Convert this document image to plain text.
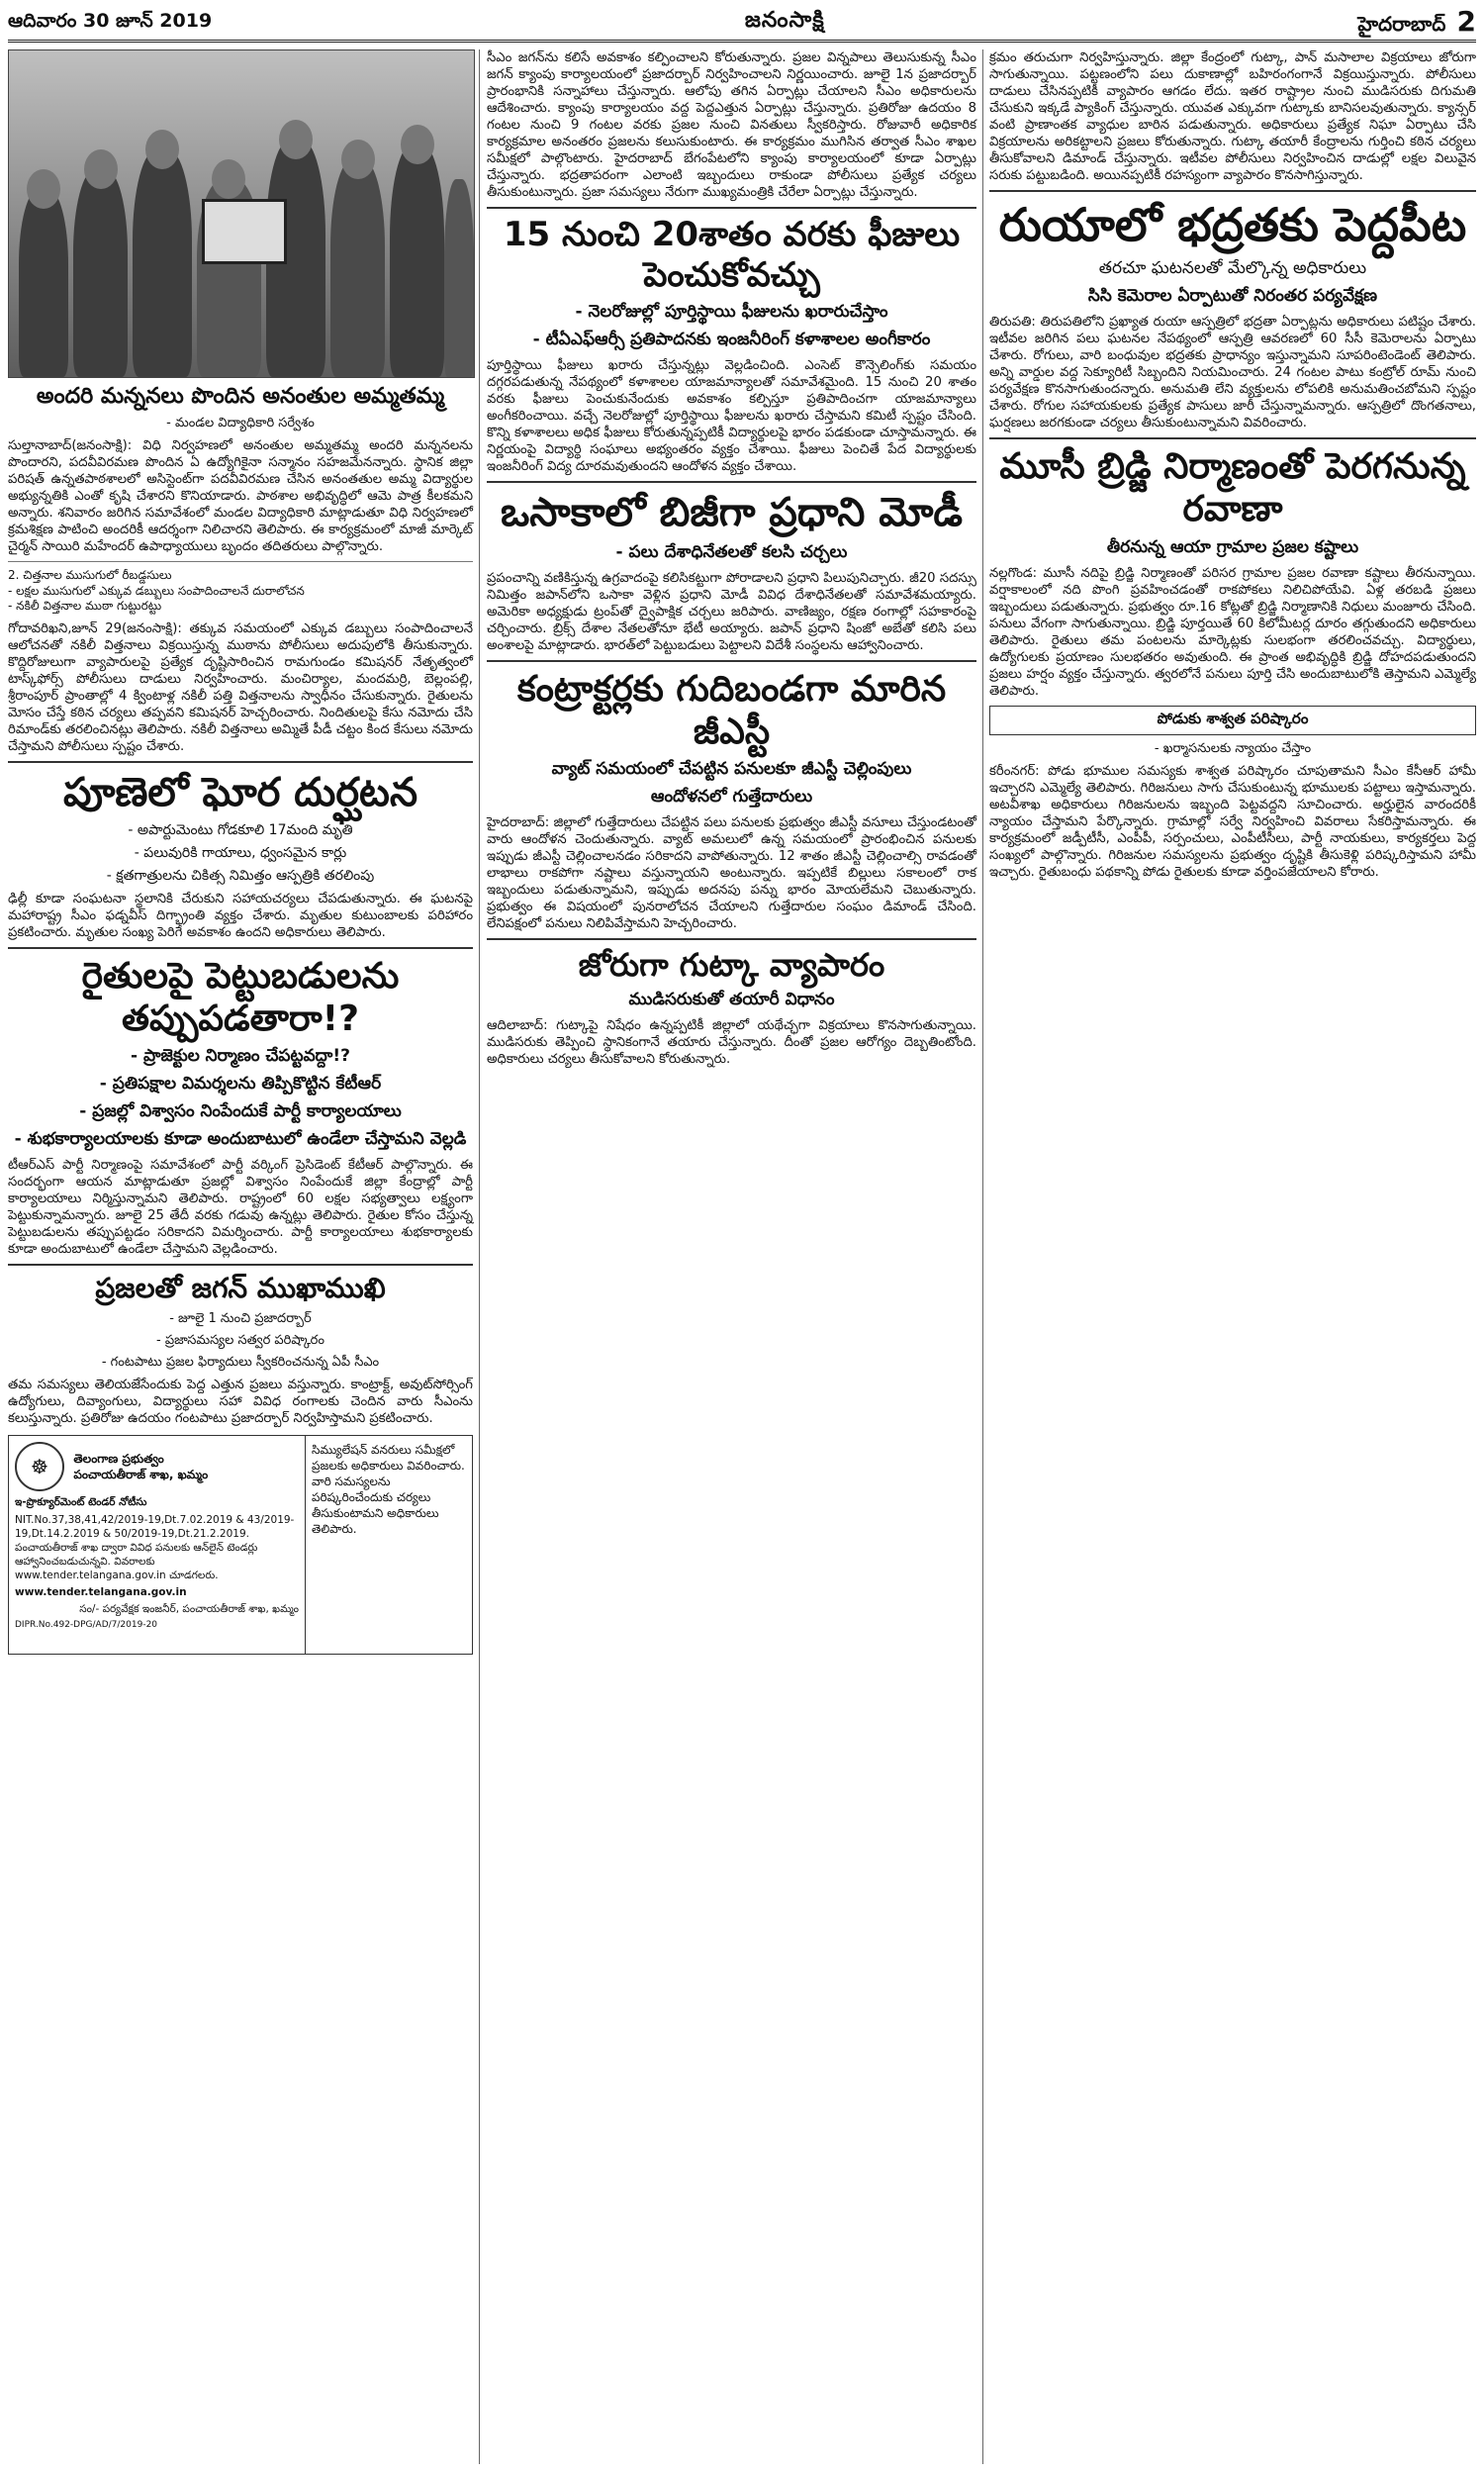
ఆదివారం 30 జూన్ 2019	జనంసాక్షి	హైదరాబాద్ 2
అందరి మన్ననలు పొందిన అనంతుల అమ్మతమ్మ
- మండల విద్యాధికారి సర్వేశం

సుల్తానాబాద్(జనంసాక్షి): విధి నిర్వహణలో అనంతుల అమ్మతమ్మ అందరి మన్ననలను పొందారని, పదవీవిరమణ పొందిన ఏ ఉద్యోగికైనా సన్మానం సహజమేనన్నారు. స్థానిక జిల్లా పరిషత్ ఉన్నతపాఠశాలలో అసిస్టెంట్‌గా పదవీవిరమణ చేసిన అనంతతుల అమ్మ విద్యార్థుల అభ్యున్నతికి ఎంతో కృషి చేశారని కొనియాడారు. పాఠశాల అభివృద్ధిలో ఆమె పాత్ర కీలకమని అన్నారు. శనివారం జరిగిన సమావేశంలో మండల విద్యాధికారి మాట్లాడుతూ విధి నిర్వహణలో క్రమశిక్షణ పాటించి అందరికీ ఆదర్శంగా నిలిచారని తెలిపారు. ఈ కార్యక్రమంలో మాజీ మార్కెట్ చైర్మన్ సాయిరి మహేందర్ ఉపాధ్యాయులు బృందం తదితరులు పాల్గొన్నారు.

2. చిత్తనాల ముసుగులో రీబడ్డసులు
- లక్షల ముసుగులో ఎక్కువ డబ్బులు సంపాదించాలనే దురాలోచన
- నకిలీ విత్తనాల ముఠా గుట్టురట్టు

గోదావరిఖని,జూన్ 29(జనంసాక్షి): తక్కువ సమయంలో ఎక్కువ డబ్బులు సంపాదించాలనే ఆలోచనతో నకిలీ విత్తనాలు విక్రయిస్తున్న ముఠాను పోలీసులు అదుపులోకి తీసుకున్నారు. కొద్దిరోజులుగా వ్యాపారులపై ప్రత్యేక దృష్టిసారించిన రామగుండం కమిషనర్ నేతృత్వంలో టాస్క్‌ఫోర్స్ పోలీసులు దాడులు నిర్వహించారు. మంచిర్యాల, మందమర్రి, బెల్లంపల్లి, శ్రీరాంపూర్ ప్రాంతాల్లో 4 క్వింటాళ్ల నకిలీ పత్తి విత్తనాలను స్వాధీనం చేసుకున్నారు. రైతులను మోసం చేస్తే కఠిన చర్యలు తప్పవని కమిషనర్ హెచ్చరించారు. నిందితులపై కేసు నమోదు చేసి రిమాండ్‌కు తరలించినట్లు తెలిపారు. నకిలీ విత్తనాలు అమ్మితే పీడీ చట్టం కింద కేసులు నమోదు చేస్తామని పోలీసులు స్పష్టం చేశారు.

పూణెలో ఘోర దుర్ఘటన
- అపార్టుమెంటు గోడకూలి 17మంది మృతి
- పలువురికి గాయాలు, ధ్వంసమైన కార్లు
- క్షతగాత్రులను చికిత్స నిమిత్తం ఆస్పత్రికి తరలింపు

ఢిల్లీ కూడా సంఘటనా స్థలానికి చేరుకుని సహాయచర్యలు చేపడుతున్నారు. ఈ ఘటనపై మహారాష్ట్ర సీఎం ఫడ్నవీస్ దిగ్భ్రాంతి వ్యక్తం చేశారు. మృతుల కుటుంబాలకు పరిహారం ప్రకటించారు. మృతుల సంఖ్య పెరిగే అవకాశం ఉందని అధికారులు తెలిపారు.

రైతులపై పెట్టుబడులను తప్పుపడతారా!?
- ప్రాజెక్టుల నిర్మాణం చేపట్టవద్దా!?
- ప్రతిపక్షాల విమర్శలను తిప్పికొట్టిన కేటీఆర్
- ప్రజల్లో విశ్వాసం నింపేందుకే పార్టీ కార్యాలయాలు
- శుభకార్యాలయాలకు కూడా అందుబాటులో ఉండేలా చేస్తామని వెల్లడి

టీఆర్ఎస్ పార్టీ నిర్మాణంపై సమావేశంలో పార్టీ వర్కింగ్ ప్రెసిడెంట్ కేటీఆర్ పాల్గొన్నారు. ఈ సందర్భంగా ఆయన మాట్లాడుతూ ప్రజల్లో విశ్వాసం నింపేందుకే జిల్లా కేంద్రాల్లో పార్టీ కార్యాలయాలు నిర్మిస్తున్నామని తెలిపారు. రాష్ట్రంలో 60 లక్షల సభ్యత్వాలు లక్ష్యంగా పెట్టుకున్నామన్నారు. జూలై 25 తేదీ వరకు గడువు ఉన్నట్లు తెలిపారు. రైతుల కోసం చేస్తున్న పెట్టుబడులను తప్పుపట్టడం సరికాదని విమర్శించారు. పార్టీ కార్యాలయాలు శుభకార్యాలకు కూడా అందుబాటులో ఉండేలా చేస్తామని వెల్లడించారు.

ప్రజలతో జగన్ ముఖాముఖి
- జూలై 1 నుంచి ప్రజాదర్బార్
- ప్రజాసమస్యల సత్వర పరిష్కారం
- గంటపాటు ప్రజల ఫిర్యాదులు స్వీకరించనున్న ఏపీ సీఎం

తమ సమస్యలు తెలియజేసేందుకు పెద్ద ఎత్తున ప్రజలు వస్తున్నారు. కాంట్రాక్ట్, అవుట్‌సోర్సింగ్ ఉద్యోగులు, దివ్యాంగులు, విద్యార్థులు సహా వివిధ రంగాలకు చెందిన వారు సీఎంను కలుస్తున్నారు. ప్రతిరోజు ఉదయం గంటపాటు ప్రజాదర్బార్ నిర్వహిస్తామని ప్రకటించారు.

☸ తెలంగాణ ప్రభుత్వం
పంచాయతీరాజ్ శాఖ, ఖమ్మం
ఇ-ప్రొక్యూర్‌మెంట్ టెండర్ నోటీసు
NIT.No.37,38,41,42/2019-19,Dt.7.02.2019 & 43/2019-19,Dt.14.2.2019 & 50/2019-19,Dt.21.2.2019. పంచాయతీరాజ్ శాఖ ద్వారా వివిధ పనులకు ఆన్‌లైన్ టెండర్లు ఆహ్వానించబడుచున్నవి. వివరాలకు www.tender.telangana.gov.in చూడగలరు.
www.tender.telangana.gov.in
సం/- పర్యవేక్షక ఇంజనీర్, పంచాయతీరాజ్ శాఖ, ఖమ్మం
DIPR.No.492-DPG/AD/7/2019-20
సిమ్యులేషన్ వనరులు సమీక్షలో ప్రజలకు అధికారులు వివరించారు. వారి సమస్యలను పరిష్కరించేందుకు చర్యలు తీసుకుంటామని అధికారులు తెలిపారు.

సీఎం జగన్‌ను కలిసే అవకాశం కల్పించాలని కోరుతున్నారు. ప్రజల విన్నపాలు తెలుసుకున్న సీఎం జగన్ క్యాంపు కార్యాలయంలో ప్రజాదర్బార్ నిర్వహించాలని నిర్ణయించారు. జూలై 1న ప్రజాదర్బార్ ప్రారంభానికి సన్నాహాలు చేస్తున్నారు. ఆలోపు తగిన ఏర్పాట్లు చేయాలని సీఎం అధికారులను ఆదేశించారు. క్యాంపు కార్యాలయం వద్ద పెద్దఎత్తున ఏర్పాట్లు చేస్తున్నారు. ప్రతిరోజు ఉదయం 8 గంటల నుంచి 9 గంటల వరకు ప్రజల నుంచి వినతులు స్వీకరిస్తారు. రోజువారీ అధికారిక కార్యక్రమాల అనంతరం ప్రజలను కలుసుకుంటారు. ఈ కార్యక్రమం ముగిసిన తర్వాత సీఎం శాఖల సమీక్షలో పాల్గొంటారు. హైదరాబాద్ బేగంపేటలోని క్యాంపు కార్యాలయంలో కూడా ఏర్పాట్లు చేస్తున్నారు. భద్రతాపరంగా ఎలాంటి ఇబ్బందులు రాకుండా పోలీసులు ప్రత్యేక చర్యలు తీసుకుంటున్నారు. ప్రజా సమస్యలు నేరుగా ముఖ్యమంత్రికి చేరేలా ఏర్పాట్లు చేస్తున్నారు.

15 నుంచి 20శాతం వరకు ఫీజులు పెంచుకోవచ్చు
- నెలరోజుల్లో పూర్తిస్థాయి ఫీజులను ఖరారుచేస్తాం
- టీఏఎఫ్ఆర్సీ ప్రతిపాదనకు ఇంజనీరింగ్ కళాశాలల అంగీకారం

పూర్తిస్థాయి ఫీజులు ఖరారు చేస్తున్నట్లు వెల్లడించింది. ఎంసెట్ కౌన్సెలింగ్‌కు సమయం దగ్గరపడుతున్న నేపథ్యంలో కళాశాలల యాజమాన్యాలతో సమావేశమైంది. 15 నుంచి 20 శాతం వరకు ఫీజులు పెంచుకునేందుకు అవకాశం కల్పిస్తూ ప్రతిపాదించగా యాజమాన్యాలు అంగీకరించాయి. వచ్చే నెలరోజుల్లో పూర్తిస్థాయి ఫీజులను ఖరారు చేస్తామని కమిటీ స్పష్టం చేసింది. కొన్ని కళాశాలలు అధిక ఫీజులు కోరుతున్నప్పటికీ విద్యార్థులపై భారం పడకుండా చూస్తామన్నారు. ఈ నిర్ణయంపై విద్యార్థి సంఘాలు అభ్యంతరం వ్యక్తం చేశాయి. ఫీజులు పెంచితే పేద విద్యార్థులకు ఇంజనీరింగ్ విద్య దూరమవుతుందని ఆందోళన వ్యక్తం చేశాయి.

ఒసాకాలో బిజీగా ప్రధాని మోడీ
- పలు దేశాధినేతలతో కలసి చర్చలు

ప్రపంచాన్ని వణికిస్తున్న ఉగ్రవాదంపై కలిసికట్టుగా పోరాడాలని ప్రధాని పిలుపునిచ్చారు. జీ20 సదస్సు నిమిత్తం జపాన్‌లోని ఒసాకా వెళ్లిన ప్రధాని మోడీ వివిధ దేశాధినేతలతో సమావేశమయ్యారు. అమెరికా అధ్యక్షుడు ట్రంప్‌తో ద్వైపాక్షిక చర్చలు జరిపారు. వాణిజ్యం, రక్షణ రంగాల్లో సహకారంపై చర్చించారు. బ్రిక్స్ దేశాల నేతలతోనూ భేటీ అయ్యారు. జపాన్ ప్రధాని షింజో అబేతో కలిసి పలు అంశాలపై మాట్లాడారు. భారత్‌లో పెట్టుబడులు పెట్టాలని విదేశీ సంస్థలను ఆహ్వానించారు.

కంట్రాక్టర్లకు గుదిబండగా మారిన జీఎస్టీ
వ్యాట్ సమయంలో చేపట్టిన పనులకూ జీఎస్టీ చెల్లింపులు
ఆందోళనలో గుత్తేదారులు

హైదరాబాద్: జిల్లాలో గుత్తేదారులు చేపట్టిన పలు పనులకు ప్రభుత్వం జీఎస్టీ వసూలు చేస్తుండటంతో వారు ఆందోళన చెందుతున్నారు. వ్యాట్ అమలులో ఉన్న సమయంలో ప్రారంభించిన పనులకు ఇప్పుడు జీఎస్టీ చెల్లించాలనడం సరికాదని వాపోతున్నారు. 12 శాతం జీఎస్టీ చెల్లించాల్సి రావడంతో లాభాలు రాకపోగా నష్టాలు వస్తున్నాయని అంటున్నారు. ఇప్పటికే బిల్లులు సకాలంలో రాక ఇబ్బందులు పడుతున్నామని, ఇప్పుడు అదనపు పన్ను భారం మోయలేమని చెబుతున్నారు. ప్రభుత్వం ఈ విషయంలో పునరాలోచన చేయాలని గుత్తేదారుల సంఘం డిమాండ్ చేసింది. లేనిపక్షంలో పనులు నిలిపివేస్తామని హెచ్చరించారు.

జోరుగా గుట్కా వ్యాపారం
ముడిసరుకుతో తయారీ విధానం

ఆదిలాబాద్: గుట్కాపై నిషేధం ఉన్నప్పటికీ జిల్లాలో యథేచ్ఛగా విక్రయాలు కొనసాగుతున్నాయి. ముడిసరుకు తెప్పించి స్థానికంగానే తయారు చేస్తున్నారు. దీంతో ప్రజల ఆరోగ్యం దెబ్బతింటోంది. అధికారులు చర్యలు తీసుకోవాలని కోరుతున్నారు.

క్రమం తరుచుగా నిర్వహిస్తున్నారు. జిల్లా కేంద్రంలో గుట్కా, పాన్ మసాలాల విక్రయాలు జోరుగా సాగుతున్నాయి. పట్టణంలోని పలు దుకాణాల్లో బహిరంగంగానే విక్రయిస్తున్నారు. పోలీసులు దాడులు చేసినప్పటికీ వ్యాపారం ఆగడం లేదు. ఇతర రాష్ట్రాల నుంచి ముడిసరుకు దిగుమతి చేసుకుని ఇక్కడే ప్యాకింగ్ చేస్తున్నారు. యువత ఎక్కువగా గుట్కాకు బానిసలవుతున్నారు. క్యాన్సర్ వంటి ప్రాణాంతక వ్యాధుల బారిన పడుతున్నారు. అధికారులు ప్రత్యేక నిఘా ఏర్పాటు చేసి విక్రయాలను అరికట్టాలని ప్రజలు కోరుతున్నారు. గుట్కా తయారీ కేంద్రాలను గుర్తించి కఠిన చర్యలు తీసుకోవాలని డిమాండ్ చేస్తున్నారు. ఇటీవల పోలీసులు నిర్వహించిన దాడుల్లో లక్షల విలువైన సరుకు పట్టుబడింది. అయినప్పటికీ రహస్యంగా వ్యాపారం కొనసాగిస్తున్నారు.

రుయాలో భద్రతకు పెద్దపీట
తరచూ ఘటనలతో మేల్కొన్న అధికారులు
సిసి కెమెరాల ఏర్పాటుతో నిరంతర పర్యవేక్షణ

తిరుపతి: తిరుపతిలోని ప్రఖ్యాత రుయా ఆస్పత్రిలో భద్రతా ఏర్పాట్లను అధికారులు పటిష్టం చేశారు. ఇటీవల జరిగిన పలు ఘటనల నేపథ్యంలో ఆస్పత్రి ఆవరణలో 60 సీసీ కెమెరాలను ఏర్పాటు చేశారు. రోగులు, వారి బంధువుల భద్రతకు ప్రాధాన్యం ఇస్తున్నామని సూపరింటెండెంట్ తెలిపారు. అన్ని వార్డుల వద్ద సెక్యూరిటీ సిబ్బందిని నియమించారు. 24 గంటల పాటు కంట్రోల్ రూమ్ నుంచి పర్యవేక్షణ కొనసాగుతుందన్నారు. అనుమతి లేని వ్యక్తులను లోపలికి అనుమతించబోమని స్పష్టం చేశారు. రోగుల సహాయకులకు ప్రత్యేక పాసులు జారీ చేస్తున్నామన్నారు. ఆస్పత్రిలో దొంగతనాలు, ఘర్షణలు జరగకుండా చర్యలు తీసుకుంటున్నామని వివరించారు.

మూసీ బ్రిడ్జి నిర్మాణంతో పెరగనున్న రవాణా
తీరనున్న ఆయా గ్రామాల ప్రజల కష్టాలు

నల్లగొండ: మూసీ నదిపై బ్రిడ్జి నిర్మాణంతో పరిసర గ్రామాల ప్రజల రవాణా కష్టాలు తీరనున్నాయి. వర్షాకాలంలో నది పొంగి ప్రవహించడంతో రాకపోకలు నిలిచిపోయేవి. ఏళ్ల తరబడి ప్రజలు ఇబ్బందులు పడుతున్నారు. ప్రభుత్వం రూ.16 కోట్లతో బ్రిడ్జి నిర్మాణానికి నిధులు మంజూరు చేసింది. పనులు వేగంగా సాగుతున్నాయి. బ్రిడ్జి పూర్తయితే 60 కిలోమీటర్ల దూరం తగ్గుతుందని అధికారులు తెలిపారు. రైతులు తమ పంటలను మార్కెట్లకు సులభంగా తరలించవచ్చు. విద్యార్థులు, ఉద్యోగులకు ప్రయాణం సులభతరం అవుతుంది. ఈ ప్రాంత అభివృద్ధికి బ్రిడ్జి దోహదపడుతుందని ప్రజలు హర్షం వ్యక్తం చేస్తున్నారు. త్వరలోనే పనులు పూర్తి చేసి అందుబాటులోకి తెస్తామని ఎమ్మెల్యే తెలిపారు.

పోడుకు శాశ్వత పరిష్కారం
- ఖర్మాసనులకు న్యాయం చేస్తాం

కరీంనగర్: పోడు భూముల సమస్యకు శాశ్వత పరిష్కారం చూపుతామని సీఎం కేసీఆర్ హామీ ఇచ్చారని ఎమ్మెల్యే తెలిపారు. గిరిజనులు సాగు చేసుకుంటున్న భూములకు పట్టాలు ఇస్తామన్నారు. అటవీశాఖ అధికారులు గిరిజనులను ఇబ్బంది పెట్టవద్దని సూచించారు. అర్హులైన వారందరికీ న్యాయం చేస్తామని పేర్కొన్నారు. గ్రామాల్లో సర్వే నిర్వహించి వివరాలు సేకరిస్తామన్నారు. ఈ కార్యక్రమంలో జడ్పీటీసీ, ఎంపీపీ, సర్పంచులు, ఎంపీటీసీలు, పార్టీ నాయకులు, కార్యకర్తలు పెద్ద సంఖ్యలో పాల్గొన్నారు. గిరిజనుల సమస్యలను ప్రభుత్వం దృష్టికి తీసుకెళ్లి పరిష్కరిస్తామని హామీ ఇచ్చారు. రైతుబంధు పథకాన్ని పోడు రైతులకు కూడా వర్తింపజేయాలని కోరారు.
